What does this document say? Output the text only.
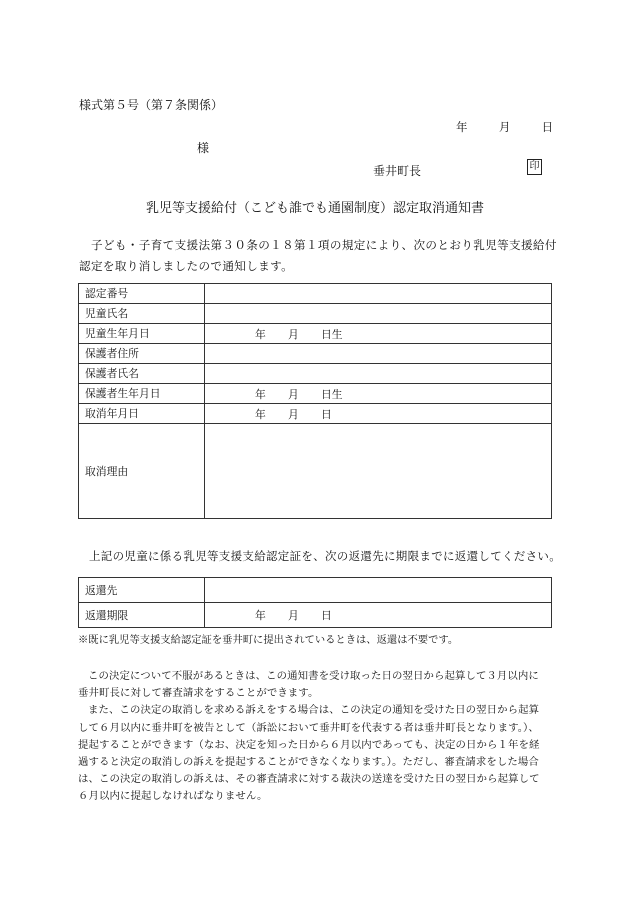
様式第５号（第７条関係）
年	月	日
様
垂井町長	印
乳児等支援給付（こども誰でも通園制度）認定取消通知書
子ども・子育て支援法第３０条の１８第１項の規定により、次のとおり乳児等支援給付認定を取り消しましたので通知します。
認定番号	
児童氏名	
児童生年月日	年 月 日生

保護者住所	
保護者氏名	
保護者生年月日	年 月 日生

取消年月日	年 月 日

取消理由	
上記の児童に係る乳児等支援支給認定証を、次の返還先に期限までに返還してください。
返還先	
返還期限	年 月 日
※既に乳児等支援支給認定証を垂井町に提出されているときは、返還は不要です。

この決定について不服があるときは、この通知書を受け取った日の翌日から起算して３月以内に垂井町長に対して審査請求をすることができます。

また、この決定の取消しを求める訴えをする場合は、この決定の通知を受けた日の翌日から起算して６月以内に垂井町を被告として（訴訟において垂井町を代表する者は垂井町長となります。）、提起することができます（なお、決定を知った日から６月以内であっても、決定の日から１年を経過すると決定の取消しの訴えを提起することができなくなります。）。ただし、審査請求をした場合は、この決定の取消しの訴えは、その審査請求に対する裁決の送達を受けた日の翌日から起算して６月以内に提起しなければなりません。
